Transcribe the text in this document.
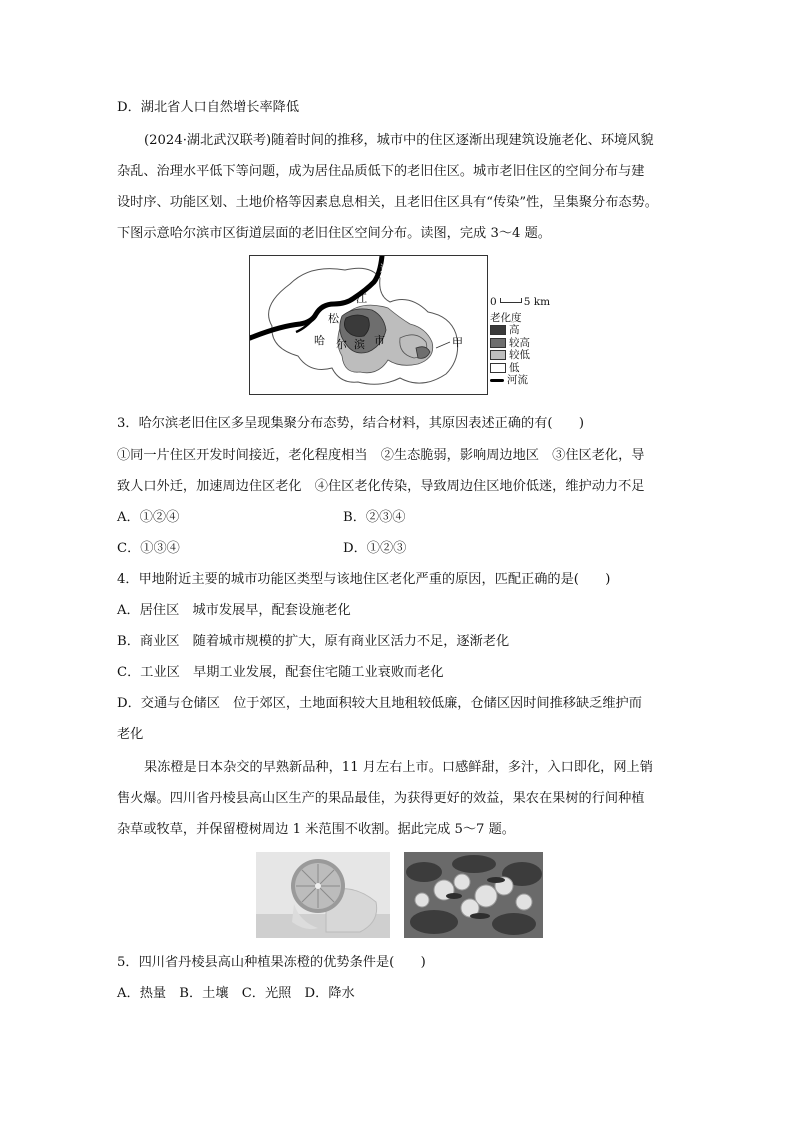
D．湖北省人口自然增长率降低
(2024·湖北武汉联考)随着时间的推移，城市中的住区逐渐出现建筑设施老化、环境风貌
杂乱、治理水平低下等问题，成为居住品质低下的老旧住区。城市老旧住区的空间分布与建
设时序、功能区划、土地价格等因素息息相关，且老旧住区具有“传染”性，呈集聚分布态势。
下图示意哈尔滨市区街道层面的老旧住区空间分布。读图，完成 3～4 题。
通
江
松
哈 尔 滨 市	甲
0	5 km
老化度
高
较高
较低
低
河流
3．哈尔滨老旧住区多呈现集聚分布态势，结合材料，其原因表述正确的有(　　)
①同一片住区开发时间接近，老化程度相当　②生态脆弱，影响周边地区　③住区老化，导
致人口外迁，加速周边住区老化　④住区老化传染，导致周边住区地价低迷，维护动力不足
A．①②④	B．②③④
C．①③④	D．①②③
4．甲地附近主要的城市功能区类型与该地住区老化严重的原因，匹配正确的是(　　)
A．居住区　城市发展早，配套设施老化
B．商业区　随着城市规模的扩大，原有商业区活力不足，逐渐老化
C．工业区　早期工业发展，配套住宅随工业衰败而老化
D．交通与仓储区　位于郊区，土地面积较大且地租较低廉，仓储区因时间推移缺乏维护而
老化
果冻橙是日本杂交的早熟新品种，11 月左右上市。口感鲜甜，多汁，入口即化，网上销
售火爆。四川省丹棱县高山区生产的果品最佳，为获得更好的效益，果农在果树的行间种植
杂草或牧草，并保留橙树周边 1 米范围不收割。据此完成 5～7 题。
5．四川省丹棱县高山种植果冻橙的优势条件是(　　)
A．热量　B．土壤　C．光照　D．降水
